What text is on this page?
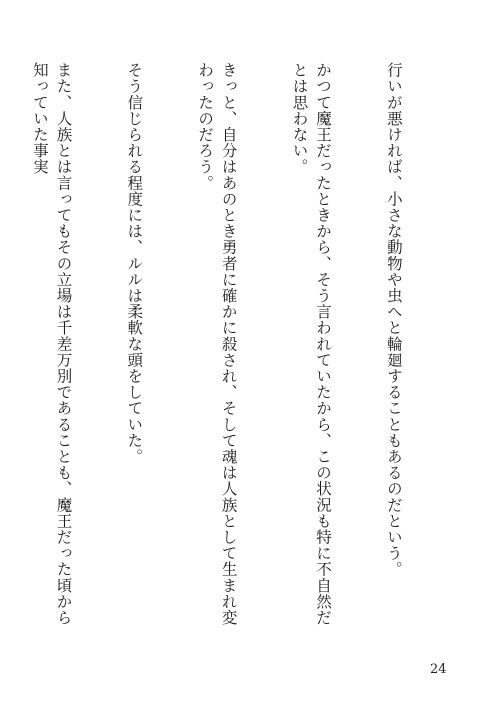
行いが悪ければ、小さな動物や虫へと輪廻することもあるのだという。

かつて魔王だったときから、そう言われていたから、この状況も特に不自然だとは思わない。

きっと、自分はあのとき勇者に確かに殺され、そして魂は人族として生まれ変わったのだろう。

そう信じられる程度には、ルルは柔軟な頭をしていた。

また、人族とは言ってもその立場は千差万別であることも、魔王だった頃から知っていた事実

24
